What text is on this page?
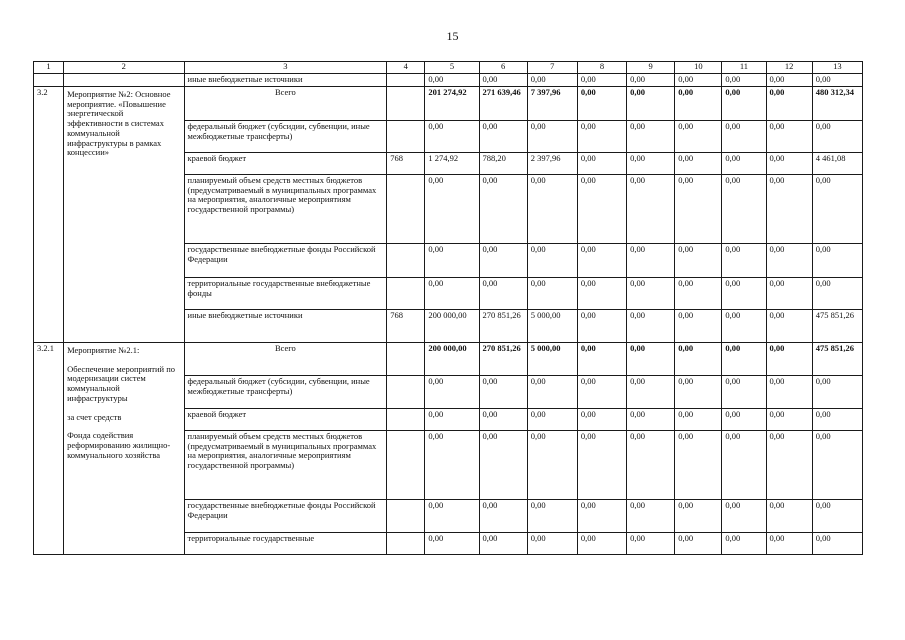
15
1	2	3	4	5	6	7	8	9	10	11	12	13
		иные внебюджетные источники		0,00	0,00	0,00	0,00	0,00	0,00	0,00	0,00	0,00
3.2	Мероприятие №2: Основное мероприятие. «Повышение энергетической эффективности в системах коммунальной инфраструктуры в рамках концессии»	Всего		201 274,92	271 639,46	7 397,96	0,00	0,00	0,00	0,00	0,00	480 312,34
		федеральный бюджет (субсидии, субвенции, иные межбюджетные трансферты)		0,00	0,00	0,00	0,00	0,00	0,00	0,00	0,00	0,00
		краевой бюджет	768	1 274,92	788,20	2 397,96	0,00	0,00	0,00	0,00	0,00	4 461,08
		планируемый объем средств местных бюджетов (предусматриваемый в муниципальных программах на мероприятия, аналогичные мероприятиям государственной программы)		0,00	0,00	0,00	0,00	0,00	0,00	0,00	0,00	0,00
		государственные внебюджетные фонды Российской Федерации		0,00	0,00	0,00	0,00	0,00	0,00	0,00	0,00	0,00
		территориальные государственные внебюджетные фонды		0,00	0,00	0,00	0,00	0,00	0,00	0,00	0,00	0,00
		иные внебюджетные источники	768	200 000,00	270 851,26	5 000,00	0,00	0,00	0,00	0,00	0,00	475 851,26
3.2.1	Мероприятие №2.1:
Обеспечение мероприятий по модернизации систем коммунальной инфраструктуры
за счет средств
Фонда содействия реформированию жилищно-коммунального хозяйства	Всего		200 000,00	270 851,26	5 000,00	0,00	0,00	0,00	0,00	0,00	475 851,26
		федеральный бюджет (субсидии, субвенции, иные межбюджетные трансферты)		0,00	0,00	0,00	0,00	0,00	0,00	0,00	0,00	0,00
		краевой бюджет		0,00	0,00	0,00	0,00	0,00	0,00	0,00	0,00	0,00
		планируемый объем средств местных бюджетов (предусматриваемый в муниципальных программах на мероприятия, аналогичные мероприятиям государственной программы)		0,00	0,00	0,00	0,00	0,00	0,00	0,00	0,00	0,00
		государственные внебюджетные фонды Российской Федерации		0,00	0,00	0,00	0,00	0,00	0,00	0,00	0,00	0,00
		территориальные государственные		0,00	0,00	0,00	0,00	0,00	0,00	0,00	0,00	0,00
